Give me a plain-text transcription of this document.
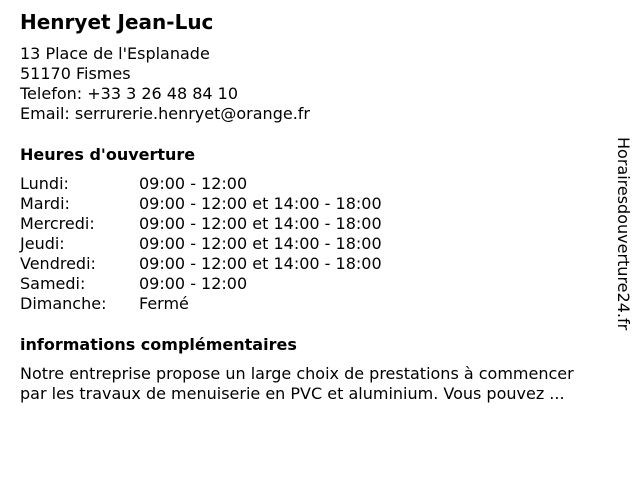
Henryet Jean-Luc
13 Place de l'Esplanade
51170 Fismes
Telefon: +33 3 26 48 84 10
Email: serrurerie.henryet@orange.fr
Heures d'ouverture
Lundi:	09:00 - 12:00
Mardi:	09:00 - 12:00 et 14:00 - 18:00
Mercredi:	09:00 - 12:00 et 14:00 - 18:00
Jeudi:	09:00 - 12:00 et 14:00 - 18:00
Vendredi:	09:00 - 12:00 et 14:00 - 18:00
Samedi:	09:00 - 12:00
Dimanche: Fermé
informations complémentaires
Notre entreprise propose un large choix de prestations à commencer
par les travaux de menuiserie en PVC et aluminium. Vous pouvez ...
Horairesdouverture24.fr
